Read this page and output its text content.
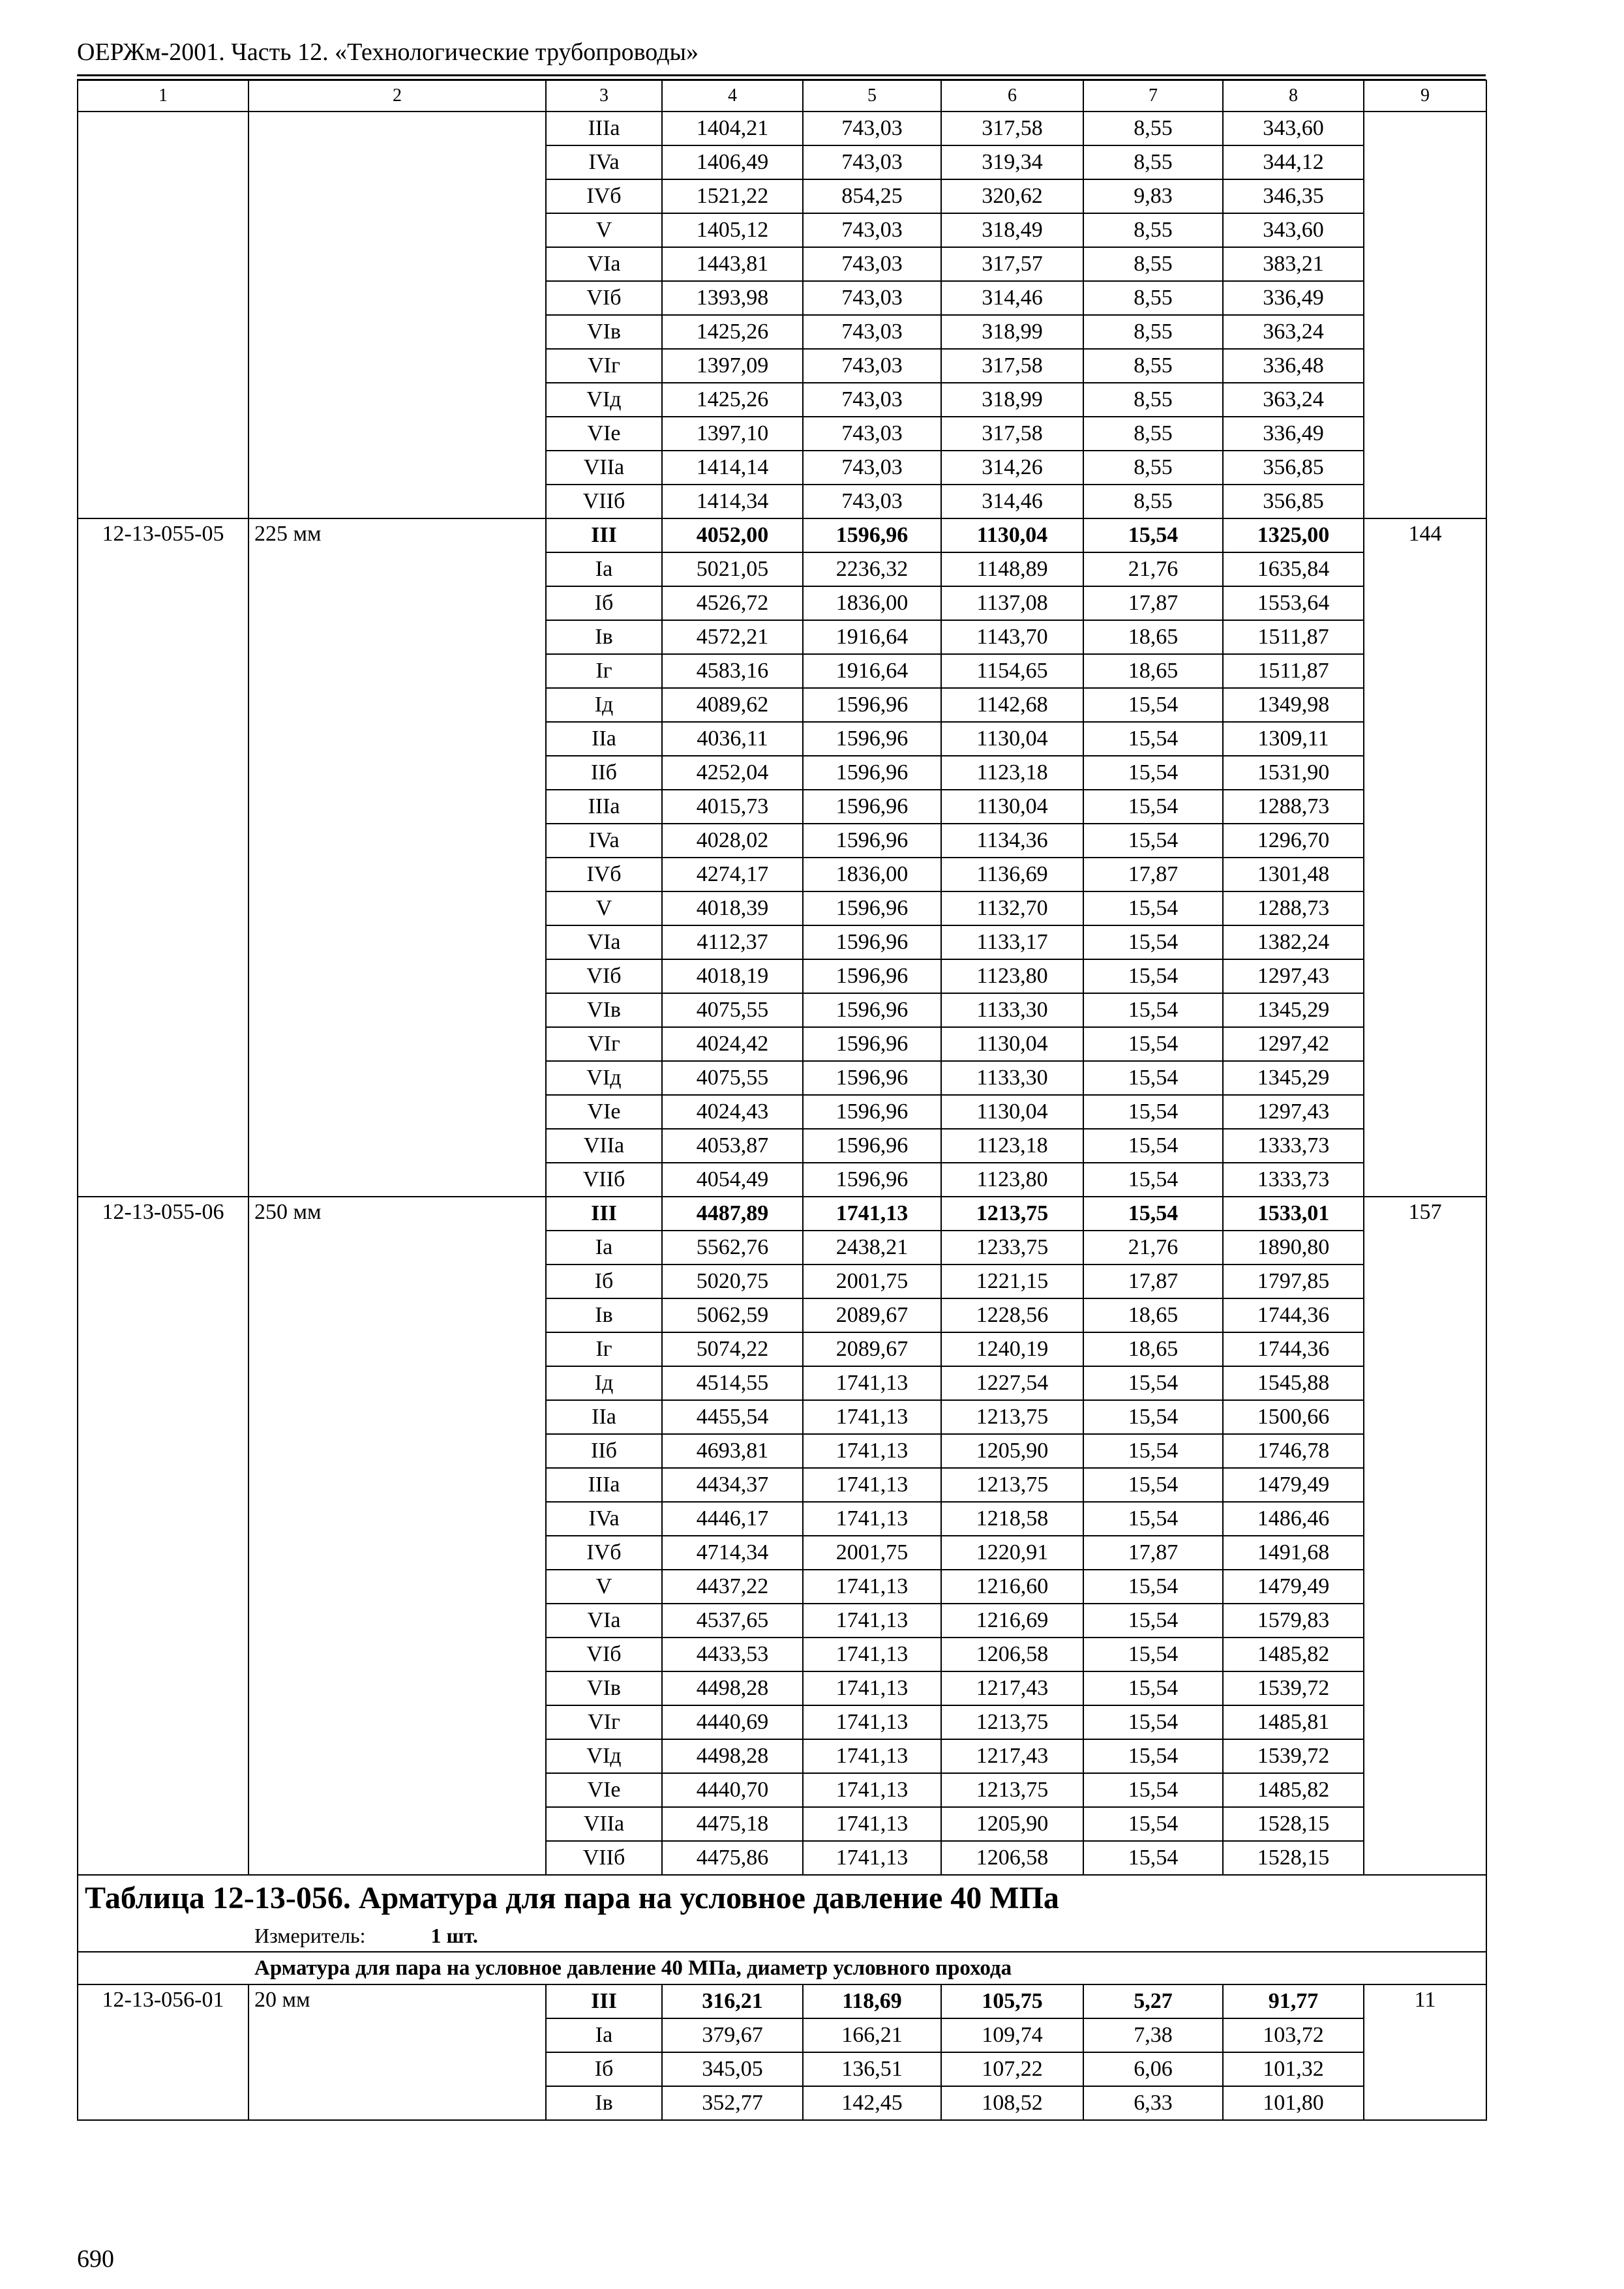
ОЕРЖм-2001. Часть 12. «Технологические трубопроводы»
1	2	3	4	5	6	7	8	9
		IIIa	1404,21	743,03	317,58	8,55	343,60	
		IVa	1406,49	743,03	319,34	8,55	344,12	
		IVб	1521,22	854,25	320,62	9,83	346,35	
		V	1405,12	743,03	318,49	8,55	343,60	
		VIa	1443,81	743,03	317,57	8,55	383,21	
		VIб	1393,98	743,03	314,46	8,55	336,49	
		VIв	1425,26	743,03	318,99	8,55	363,24	
		VIг	1397,09	743,03	317,58	8,55	336,48	
		VIд	1425,26	743,03	318,99	8,55	363,24	
		VIe	1397,10	743,03	317,58	8,55	336,49	
		VIIa	1414,14	743,03	314,26	8,55	356,85	
		VIIб	1414,34	743,03	314,46	8,55	356,85	
12-13-055-05	225 мм	III	4052,00	1596,96	1130,04	15,54	1325,00	144
		Ia	5021,05	2236,32	1148,89	21,76	1635,84	
		Iб	4526,72	1836,00	1137,08	17,87	1553,64	
		Iв	4572,21	1916,64	1143,70	18,65	1511,87	
		Iг	4583,16	1916,64	1154,65	18,65	1511,87	
		Iд	4089,62	1596,96	1142,68	15,54	1349,98	
		IIa	4036,11	1596,96	1130,04	15,54	1309,11	
		IIб	4252,04	1596,96	1123,18	15,54	1531,90	
		IIIa	4015,73	1596,96	1130,04	15,54	1288,73	
		IVa	4028,02	1596,96	1134,36	15,54	1296,70	
		IVб	4274,17	1836,00	1136,69	17,87	1301,48	
		V	4018,39	1596,96	1132,70	15,54	1288,73	
		VIa	4112,37	1596,96	1133,17	15,54	1382,24	
		VIб	4018,19	1596,96	1123,80	15,54	1297,43	
		VIв	4075,55	1596,96	1133,30	15,54	1345,29	
		VIг	4024,42	1596,96	1130,04	15,54	1297,42	
		VIд	4075,55	1596,96	1133,30	15,54	1345,29	
		VIe	4024,43	1596,96	1130,04	15,54	1297,43	
		VIIa	4053,87	1596,96	1123,18	15,54	1333,73	
		VIIб	4054,49	1596,96	1123,80	15,54	1333,73	
12-13-055-06	250 мм	III	4487,89	1741,13	1213,75	15,54	1533,01	157
		Ia	5562,76	2438,21	1233,75	21,76	1890,80	
		Iб	5020,75	2001,75	1221,15	17,87	1797,85	
		Iв	5062,59	2089,67	1228,56	18,65	1744,36	
		Iг	5074,22	2089,67	1240,19	18,65	1744,36	
		Iд	4514,55	1741,13	1227,54	15,54	1545,88	
		IIa	4455,54	1741,13	1213,75	15,54	1500,66	
		IIб	4693,81	1741,13	1205,90	15,54	1746,78	
		IIIa	4434,37	1741,13	1213,75	15,54	1479,49	
		IVa	4446,17	1741,13	1218,58	15,54	1486,46	
		IVб	4714,34	2001,75	1220,91	17,87	1491,68	
		V	4437,22	1741,13	1216,60	15,54	1479,49	
		VIa	4537,65	1741,13	1216,69	15,54	1579,83	
		VIб	4433,53	1741,13	1206,58	15,54	1485,82	
		VIв	4498,28	1741,13	1217,43	15,54	1539,72	
		VIг	4440,69	1741,13	1213,75	15,54	1485,81	
		VIд	4498,28	1741,13	1217,43	15,54	1539,72	
		VIe	4440,70	1741,13	1213,75	15,54	1485,82	
		VIIa	4475,18	1741,13	1205,90	15,54	1528,15	
		VIIб	4475,86	1741,13	1206,58	15,54	1528,15	
Таблица 12-13-056. Арматура для пара на условное давление 40 МПа								
Измеритель: 1 шт.								
Арматура для пара на условное давление 40 МПа, диаметр условного прохода								
12-13-056-01	20 мм	III	316,21	118,69	105,75	5,27	91,77	11
		Ia	379,67	166,21	109,74	7,38	103,72	
		Iб	345,05	136,51	107,22	6,06	101,32	
		Iв	352,77	142,45	108,52	6,33	101,80	
690
